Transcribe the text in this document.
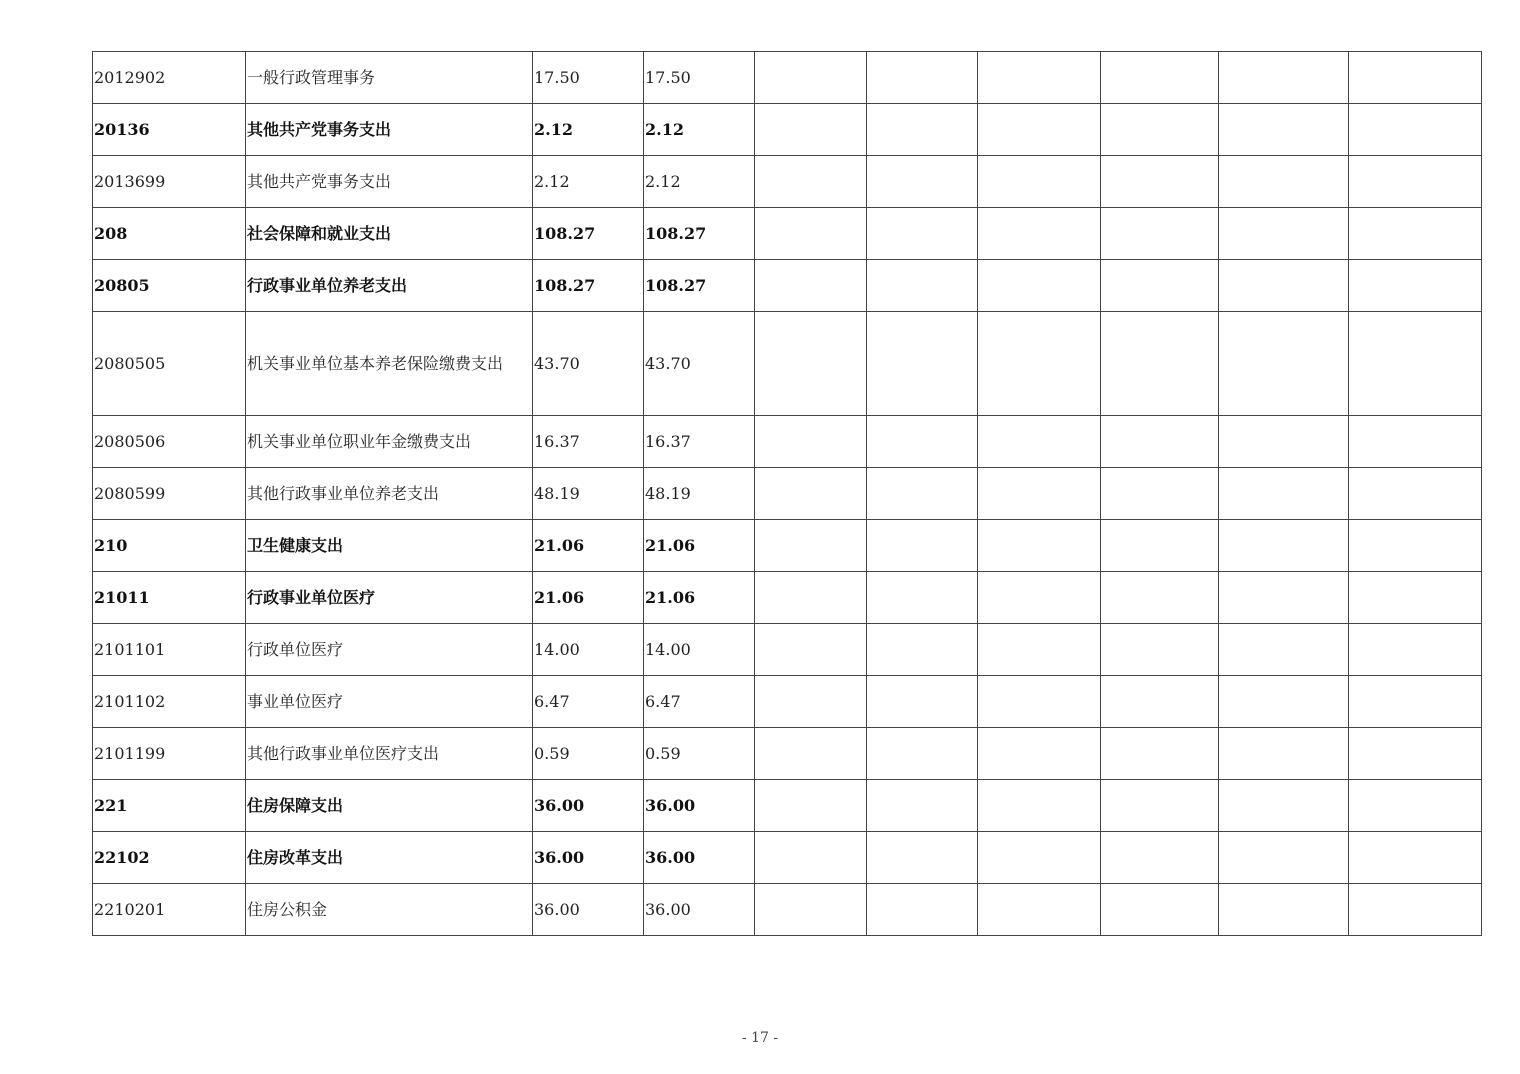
2012902	一般行政管理事务	17.50	17.50						
20136	其他共产党事务支出	2.12	2.12						
2013699	其他共产党事务支出	2.12	2.12						
208	社会保障和就业支出	108.27	108.27						
20805	行政事业单位养老支出	108.27	108.27						
2080505	机关事业单位基本养老保险缴费支出	43.70	43.70						
2080506	机关事业单位职业年金缴费支出	16.37	16.37						
2080599	其他行政事业单位养老支出	48.19	48.19						
210	卫生健康支出	21.06	21.06						
21011	行政事业单位医疗	21.06	21.06						
2101101	行政单位医疗	14.00	14.00						
2101102	事业单位医疗	6.47	6.47						
2101199	其他行政事业单位医疗支出	0.59	0.59						
221	住房保障支出	36.00	36.00						
22102	住房改革支出	36.00	36.00						
2210201	住房公积金	36.00	36.00						
- 17 -
